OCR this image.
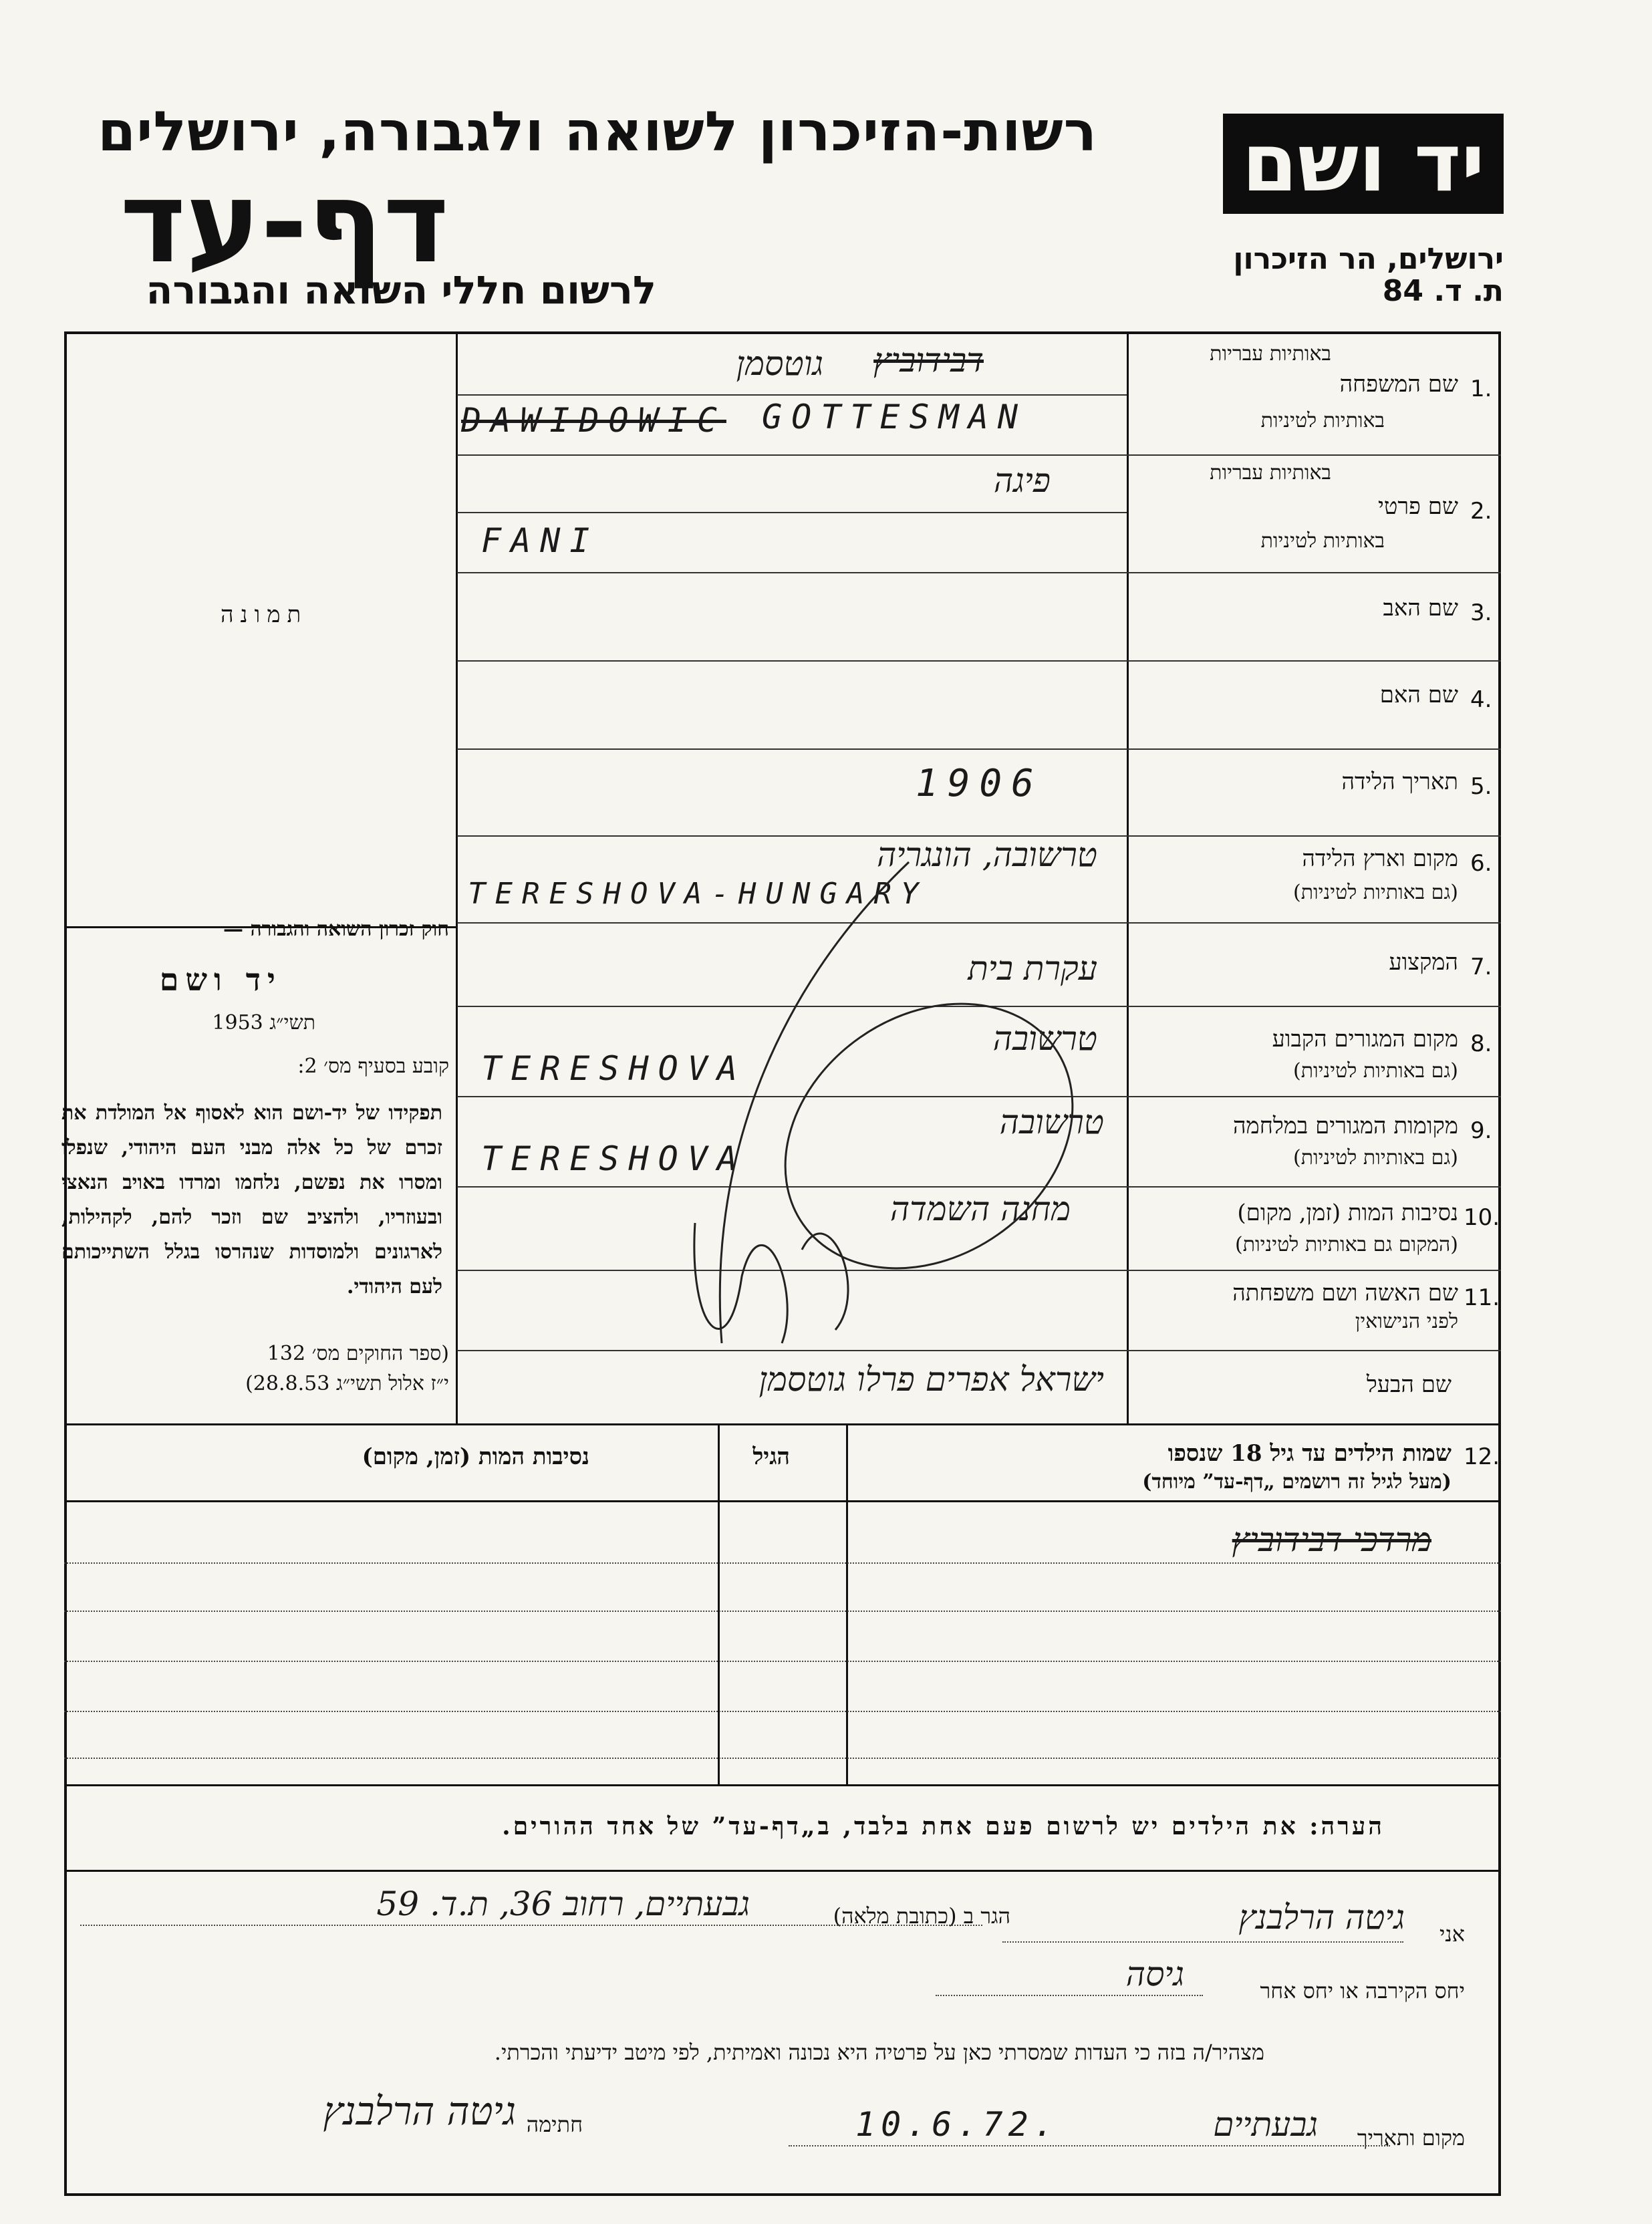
רשות-הזיכרון לשואה ולגבורה, ירושלים
דף-עד
לרשום חללי השואה והגבורה
יד ושם
ירושלים, הר הזיכרון
ת. ד. 84
תמונה
חוק זכרון השואה והגבורה —
יד ושם
תשי״ג 1953
קובע בסעיף מס׳ 2:
תפקידו של יד-ושם הוא לאסוף אל המולדת את זכרם של כל אלה מבני העם היהודי, שנפלו ומסרו את נפשם, נלחמו ומרדו באויב הנאצי ובעוזריו, ולהציב שם וזכר להם, לקהילות, לארגונים ולמוסדות שנהרסו בגלל השתייכותם לעם היהודי.
(ספר החוקים מס׳ 132
י״ז אלול תשי״ג 28.8.53)
באותיות עבריות
1.
שם המשפחה
באותיות לטיניות
באותיות עבריות
2.
שם פרטי
באותיות לטיניות
3.
שם האב
4.
שם האם
5.
תאריך הלידה
6.
מקום וארץ הלידה
(גם באותיות לטיניות)
7.
המקצוע
8.
מקום המגורים הקבוע
(גם באותיות לטיניות)
9.
מקומות המגורים במלחמה
(גם באותיות לטיניות)
10.
נסיבות המות (זמן, מקום)
(המקום גם באותיות לטיניות)
11.
שם האשה ושם משפחתה
לפני הנישואין
שם הבעל
דבידוביץ
גוטסמן
DAWIDOWIC GOTTESMAN
פיגה
FANI
1906
טרשובה, הונגריה
TERESHOVA-HUNGARY
עקרת בית
טרשובה
TERESHOVA
טרשובה
TERESHOVA
מחנה השמדה
ישראל אפרים פרלו גוטסמן
12.
שמות הילדים עד גיל 18 שנספו
(מעל לגיל זה רושמים „דף-עד” מיוחד)
הגיל
נסיבות המות (זמן, מקום)
מרדכי דבידוביץ
הערה: את הילדים יש לרשום פעם אחת בלבד, ב„דף-עד” של אחד ההורים.
אני
גיטה הרלבנץ
הגר ב (כתובת מלאה)
גבעתיים, רחוב 36, ת.ד. 59
יחס הקירבה או יחס אחר
גיסה
מצהיר/ה בזה כי העדות שמסרתי כאן על פרטיה היא נכונה ואמיתית, לפי מיטב ידיעתי והכרתי.
מקום ותאריך
גבעתיים
10.6.72.
חתימה
גיטה הרלבנץ
